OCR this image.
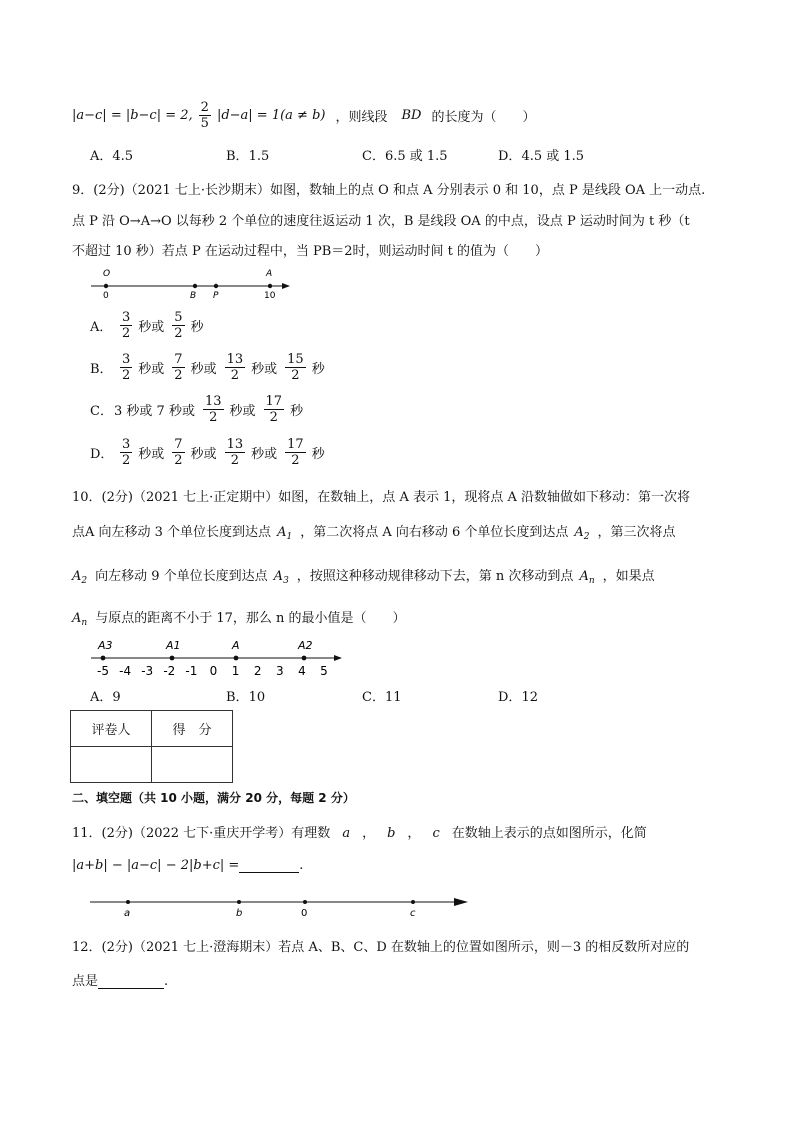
|a−c| = |b−c| = 2, $\frac{2}{5} |d-a| = 1(a \ne b)$ ，则线段 BD 的长度为（　　）
A．4.5	B．1.5	C．6.5 或 1.5	D．4.5 或 1.5
9．(2分)（2021 七上·长沙期末）如图，数轴上的点 O 和点 A 分别表示 0 和 10，点 P 是线段 OA 上一动点.
点 P 沿 O→A→O 以每秒 2 个单位的速度往返运动 1 次，B 是线段 OA 的中点，设点 P 运动时间为 t 秒（t
不超过 10 秒）若点 P 在运动过程中，当 PB＝2时，则运动时间 t 的值为（　　）
O	A
0	B P	10
A． $\frac{3}{2}$ 秒或 $\frac{5}{2}$ 秒
B． $\frac{3}{2}$ 秒或 $\frac{7}{2}$ 秒或 $\frac{13}{2}$ 秒或 $\frac{15}{2}$ 秒
C． 3 秒或 7 秒或 $\frac{13}{2}$ 秒或 $\frac{17}{2}$ 秒
D． $\frac{3}{2}$ 秒或 $\frac{7}{2}$ 秒或 $\frac{13}{2}$ 秒或 $\frac{17}{2}$ 秒
10．(2分)（2021 七上·正定期中）如图，在数轴上，点 A 表示 1，现将点 A 沿数轴做如下移动：第一次将
点A 向左移动 3 个单位长度到达点 $A_1$ ，第二次将点 A 向右移动 6 个单位长度到达点 $A_2$ ，第三次将点
$A_2$ 向左移动 9 个单位长度到达点 $A_3$ ，按照这种移动规律移动下去，第 n 次移动到点 $A_n$ ，如果点
$A_n$ 与原点的距离不小于 17，那么 n 的最小值是（　　）
-5 -4 -3 -2 -1 0 1 2 3 4 5
A3	A1	A	A2
A．9	B．10	C．11	D．12
评卷人	得　分

二、填空题（共 10 小题，满分 20 分，每题 2 分）
11．(2分)（2022 七下·重庆开学考）有理数 a ， b ， c 在数轴上表示的点如图所示，化简
|a+b| − |a−c| − 2|b+c| =	.
a	b	0	c
12．(2分)（2021 七上·澄海期末）若点 A、B、C、D 在数轴上的位置如图所示，则－3 的相反数所对应的
点是	.
